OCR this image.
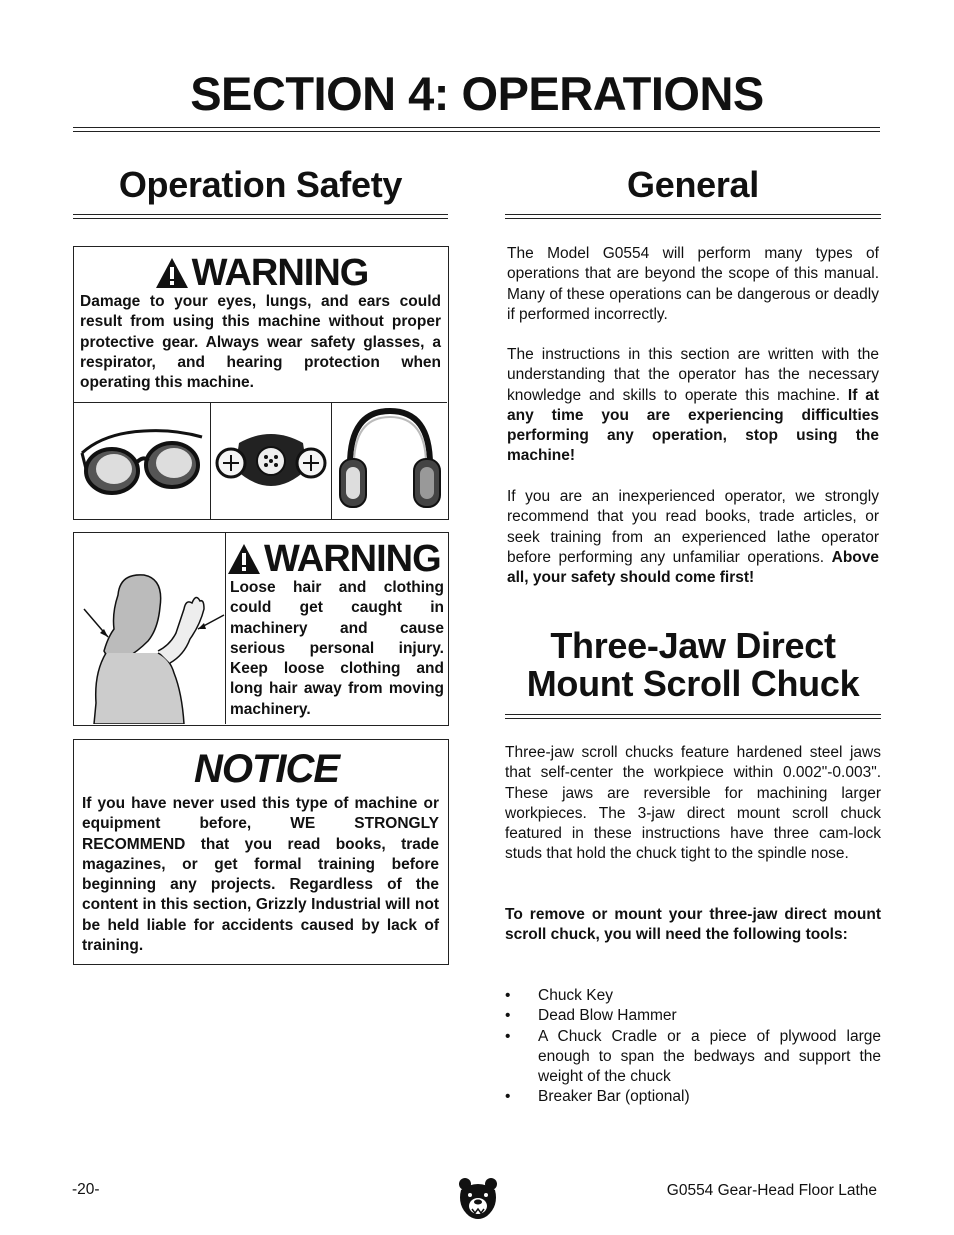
SECTION 4: OPERATIONS
Operation Safety
WARNING
Damage to your eyes, lungs, and ears could result from using this machine without proper protective gear. Always wear safety glasses, a respirator, and hearing protection when operating this machine.
WARNING
Loose hair and clothing could get caught in machinery and cause serious personal injury. Keep loose clothing and long hair away from moving machinery.
NOTICE
If you have never used this type of machine or equipment before, WE STRONGLY RECOMMEND that you read books, trade magazines, or get formal training before beginning any projects. Regardless of the content in this section, Grizzly Industrial will not be held liable for accidents caused by lack of training.
General
The Model G0554 will perform many types of operations that are beyond the scope of this manual. Many of these operations can be dangerous or deadly if performed incorrectly.
The instructions in this section are written with the understanding that the operator has the necessary knowledge and skills to operate this machine. If at any time you are experiencing difficulties performing any operation, stop using the machine!
If you are an inexperienced operator, we strongly recommend that you read books, trade articles, or seek training from an experienced lathe operator before performing any unfamiliar operations. Above all, your safety should come first!
Three-Jaw Direct
Mount Scroll Chuck
Three-jaw scroll chucks feature hardened steel jaws that self-center the workpiece within 0.002"-0.003". These jaws are reversible for machining larger workpieces. The 3-jaw direct mount scroll chuck featured in these instructions have three cam-lock studs that hold the chuck tight to the spindle nose.
To remove or mount your three-jaw direct mount scroll chuck, you will need the following tools:
• Chuck Key
• Dead Blow Hammer
• A Chuck Cradle or a piece of plywood large enough to span the bedways and support the weight of the chuck
• Breaker Bar (optional)
-20-	G0554 Gear-Head Floor Lathe
